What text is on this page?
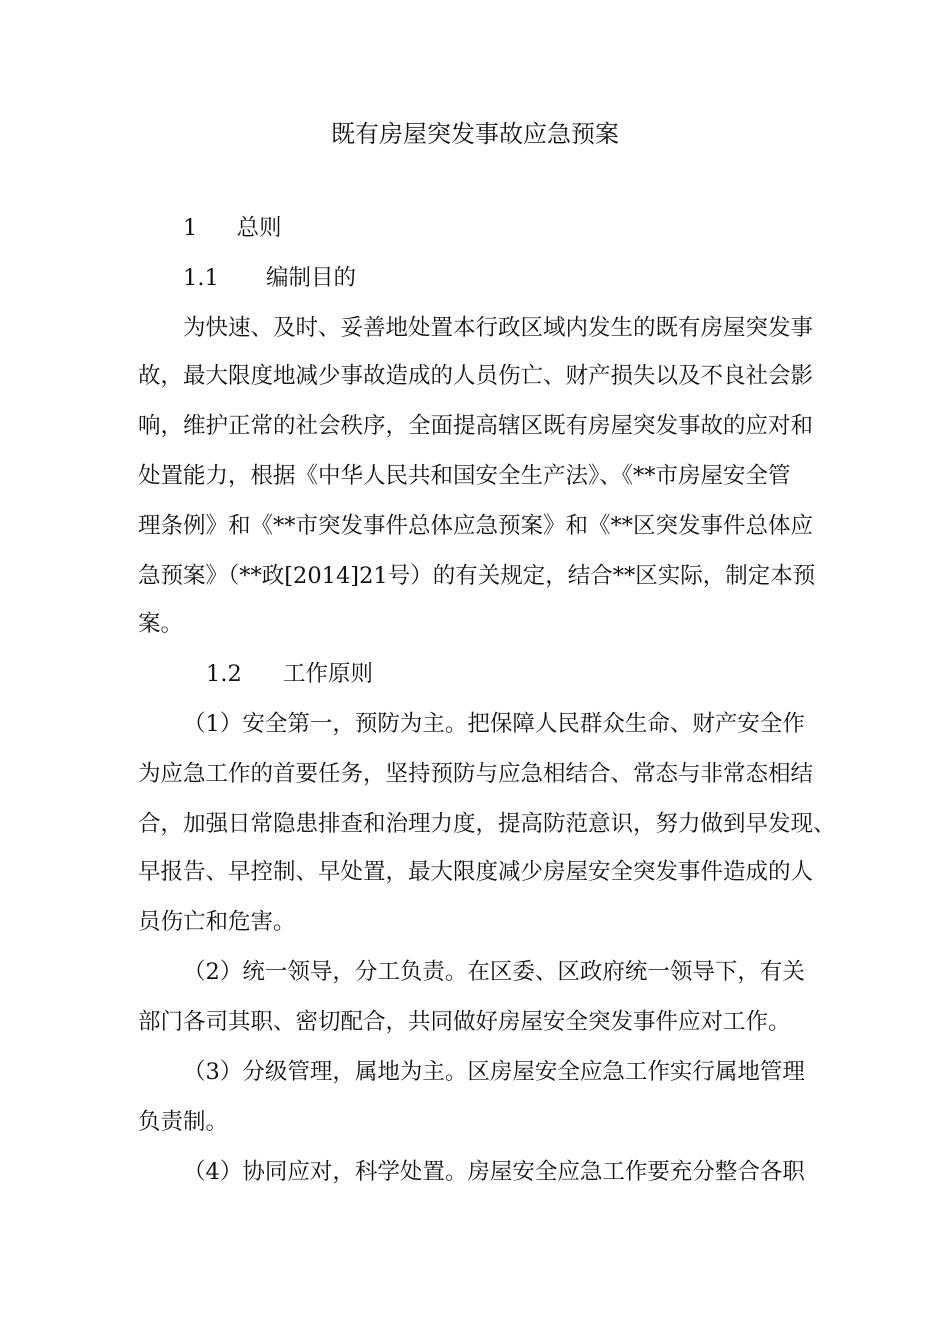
既有房屋突发事故应急预案
1 总则
1.1 编制目的
为快速、及时、妥善地处置本行政区域内发生的既有房屋突发事
故，最大限度地减少事故造成的人员伤亡、财产损失以及不良社会影
响，维护正常的社会秩序，全面提高辖区既有房屋突发事故的应对和
处置能力，根据《中华人民共和国安全生产法》、《**市房屋安全管
理条例》和《**市突发事件总体应急预案》和《**区突发事件总体应
急预案》（**政[2014]21号）的有关规定，结合**区实际，制定本预
案。
1.2 工作原则
（1）安全第一，预防为主。把保障人民群众生命、财产安全作
为应急工作的首要任务，坚持预防与应急相结合、常态与非常态相结
合，加强日常隐患排查和治理力度，提高防范意识，努力做到早发现、
早报告、早控制、早处置，最大限度减少房屋安全突发事件造成的人
员伤亡和危害。
（2）统一领导，分工负责。在区委、区政府统一领导下，有关
部门各司其职、密切配合，共同做好房屋安全突发事件应对工作。
（3）分级管理，属地为主。区房屋安全应急工作实行属地管理
负责制。
（4）协同应对，科学处置。房屋安全应急工作要充分整合各职
